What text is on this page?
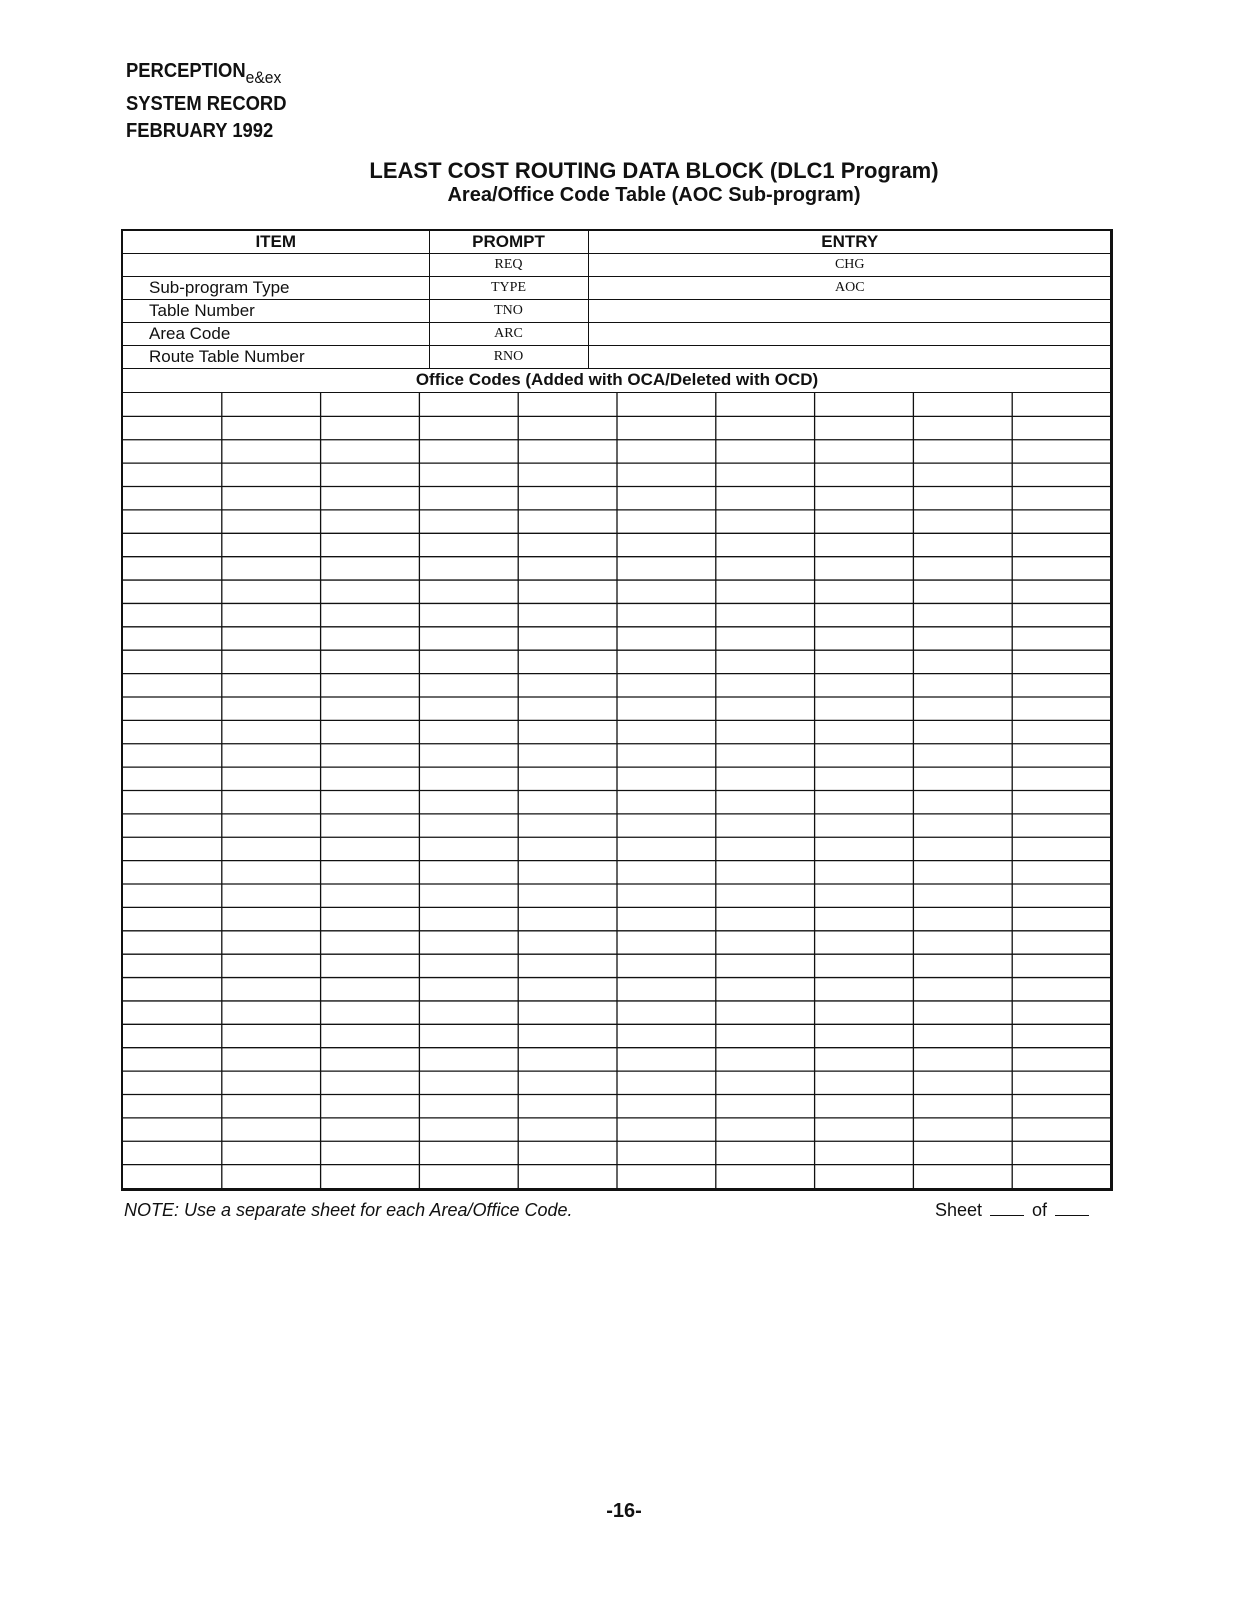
$PERCEPTION_{e\&ex}$
SYSTEM RECORD
FEBRUARY 1992
LEAST COST ROUTING DATA BLOCK (DLC1 Program)
Area/Office Code Table (AOC Sub-program)
ITEM	PROMPT	ENTRY
	REQ	CHG
Sub-program Type	TYPE	AOC
Table Number	TNO	
Area Code	ARC	
Route Table Number	RNO	
Office Codes (Added with OCA/Deleted with OCD)
NOTE: Use a separate sheet for each Area/Office Code.	Sheet	of
-16-
